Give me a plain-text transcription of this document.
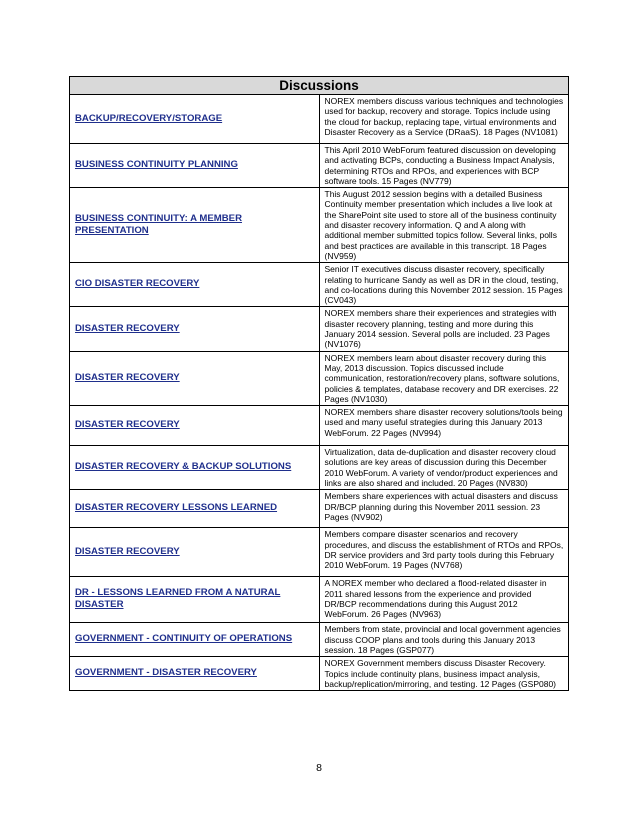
Discussions	

BACKUP/RECOVERY/STORAGE	NOREX members discuss various techniques and technologies used for backup, recovery and storage. Topics include using the cloud for backup, replacing tape, virtual environments and Disaster Recovery as a Service (DRaaS). 18 Pages (NV1081)

BUSINESS CONTINUITY PLANNING	This April 2010 WebForum featured discussion on developing and activating BCPs, conducting a Business Impact Analysis, determining RTOs and RPOs, and experiences with BCP software tools. 15 Pages (NV779)

BUSINESS CONTINUITY: A MEMBER PRESENTATION	This August 2012 session begins with a detailed Business Continuity member presentation which includes a live look at the SharePoint site used to store all of the business continuity and disaster recovery information. Q and A along with additional member submitted topics follow. Several links, polls and best practices are available in this transcript. 18 Pages (NV959)

CIO DISASTER RECOVERY	Senior IT executives discuss disaster recovery, specifically relating to hurricane Sandy as well as DR in the cloud, testing, and co-locations during this November 2012 session. 15 Pages (CV043)

DISASTER RECOVERY	NOREX members share their experiences and strategies with disaster recovery planning, testing and more during this January 2014 session. Several polls are included. 23 Pages (NV1076)

DISASTER RECOVERY	NOREX members learn about disaster recovery during this May, 2013 discussion. Topics discussed include communication, restoration/recovery plans, software solutions, policies & templates, database recovery and DR exercises. 22 Pages (NV1030)

DISASTER RECOVERY	NOREX members share disaster recovery solutions/tools being used and many useful strategies during this January 2013 WebForum. 22 Pages (NV994)

DISASTER RECOVERY & BACKUP SOLUTIONS	Virtualization, data de-duplication and disaster recovery cloud solutions are key areas of discussion during this December 2010 WebForum. A variety of vendor/product experiences and links are also shared and included. 20 Pages (NV830)

DISASTER RECOVERY LESSONS LEARNED	Members share experiences with actual disasters and discuss DR/BCP planning during this November 2011 session. 23 Pages (NV902)

DISASTER RECOVERY	Members compare disaster scenarios and recovery procedures, and discuss the establishment of RTOs and RPOs, DR service providers and 3rd party tools during this February 2010 WebForum. 19 Pages (NV768)

DR - LESSONS LEARNED FROM A NATURAL DISASTER	A NOREX member who declared a flood-related disaster in 2011 shared lessons from the experience and provided DR/BCP recommendations during this August 2012 WebForum. 26 Pages (NV963)

GOVERNMENT - CONTINUITY OF OPERATIONS	Members from state, provincial and local government agencies discuss COOP plans and tools during this January 2013 session. 18 Pages (GSP077)

GOVERNMENT - DISASTER RECOVERY	NOREX Government members discuss Disaster Recovery. Topics include continuity plans, business impact analysis, backup/replication/mirroring, and testing. 12 Pages (GSP080)
8
